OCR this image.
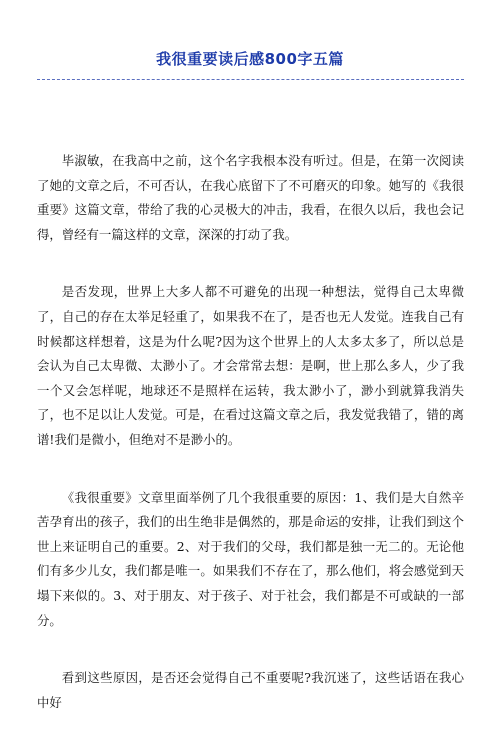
我很重要读后感800字五篇

毕淑敏，在我高中之前，这个名字我根本没有听过。但是，在第一次阅读了她的文章之后，不可否认，在我心底留下了不可磨灭的印象。她写的《我很重要》这篇文章，带给了我的心灵极大的冲击，我看，在很久以后，我也会记得，曾经有一篇这样的文章，深深的打动了我。

是否发现，世界上大多人都不可避免的出现一种想法，觉得自己太卑微了，自己的存在太举足轻重了，如果我不在了，是否也无人发觉。连我自己有时候都这样想着，这是为什么呢?因为这个世界上的人太多太多了，所以总是会认为自己太卑微、太渺小了。才会常常去想：是啊，世上那么多人，少了我一个又会怎样呢，地球还不是照样在运转，我太渺小了，渺小到就算我消失了，也不足以让人发觉。可是，在看过这篇文章之后，我发觉我错了，错的离谱!我们是微小，但绝对不是渺小的。

《我很重要》文章里面举例了几个我很重要的原因：1、我们是大自然辛苦孕育出的孩子，我们的出生绝非是偶然的，那是命运的安排，让我们到这个世上来证明自己的重要。2、对于我们的父母，我们都是独一无二的。无论他们有多少儿女，我们都是唯一。如果我们不存在了，那么他们，将会感觉到天塌下来似的。3、对于朋友、对于孩子、对于社会，我们都是不可或缺的一部分。

看到这些原因，是否还会觉得自己不重要呢?我沉迷了，这些话语在我心中好
